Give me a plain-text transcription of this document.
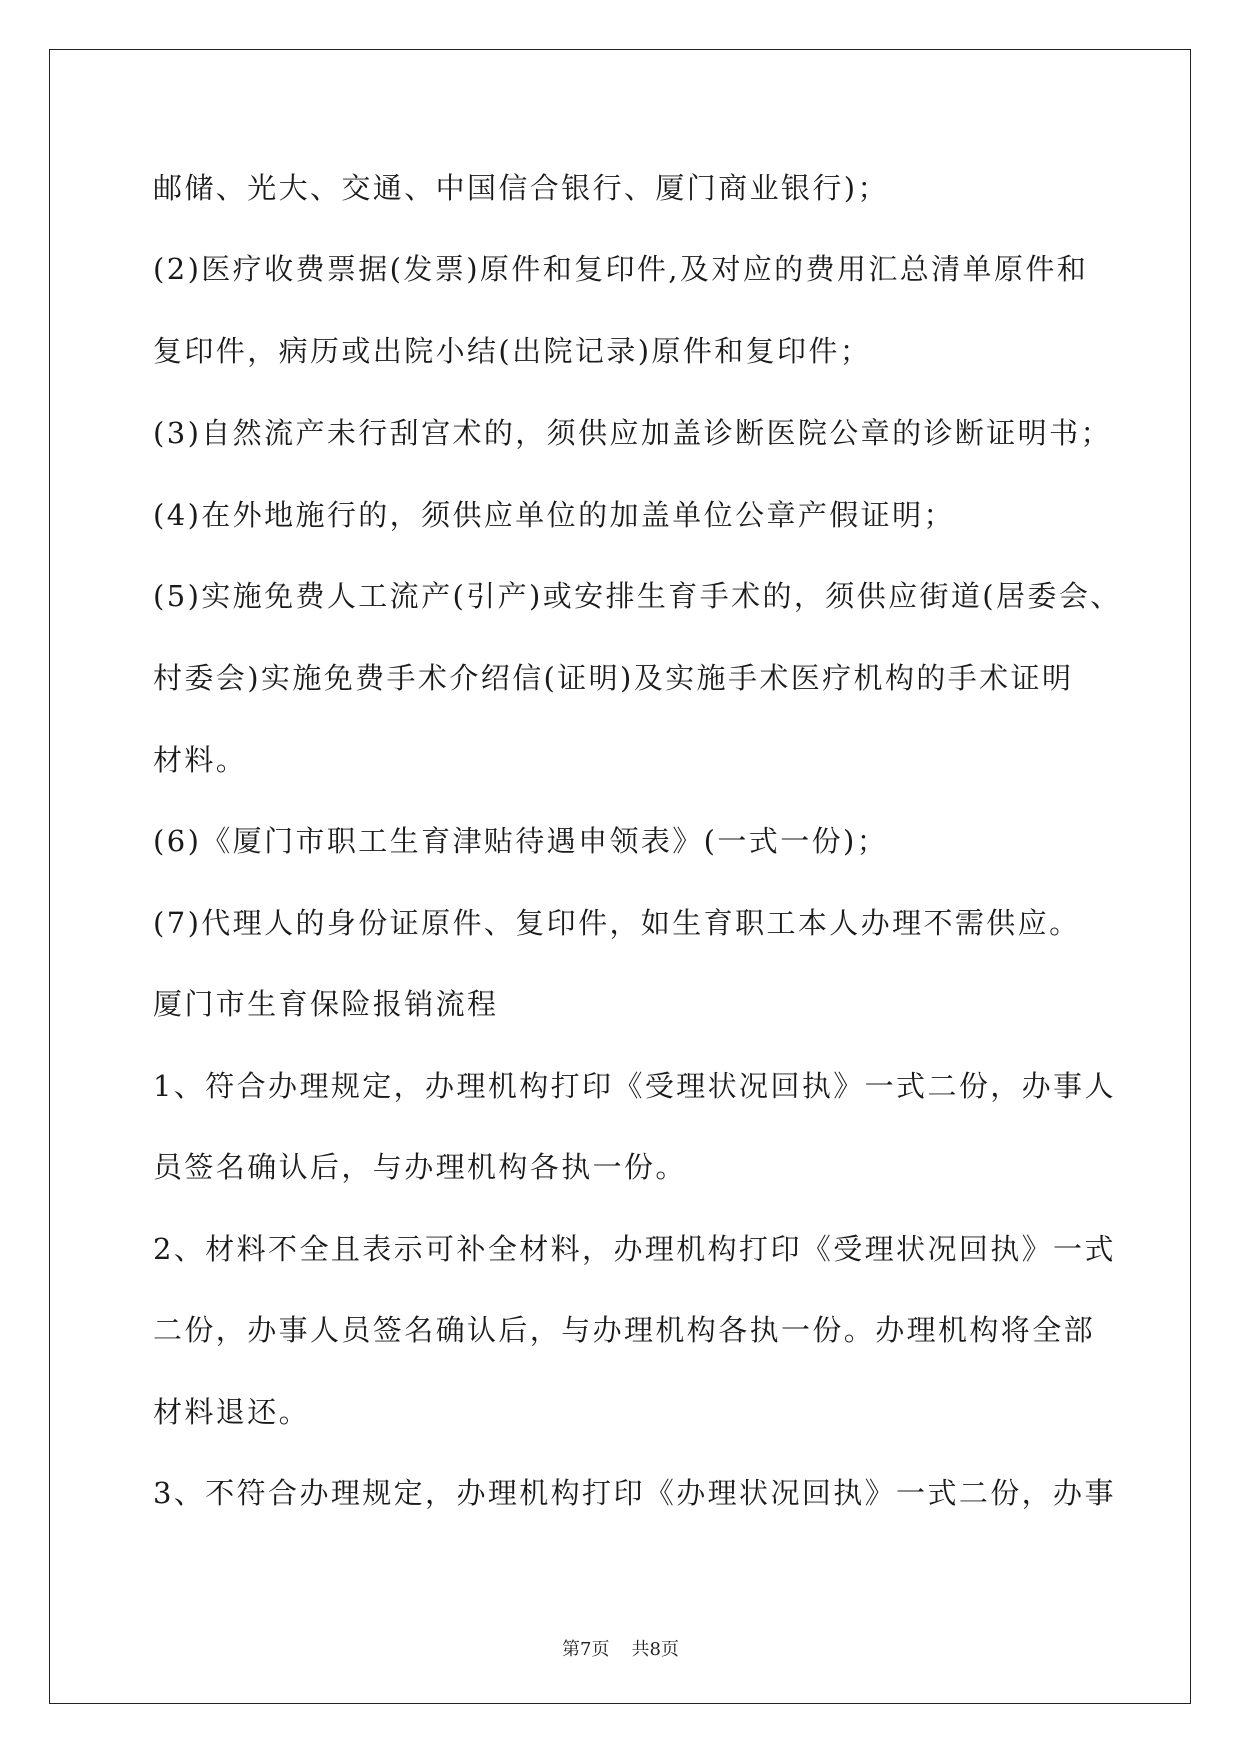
邮储、光大、交通、中国信合银行、厦门商业银行)；
(2)医疗收费票据(发票)原件和复印件,及对应的费用汇总清单原件和
复印件，病历或出院小结(出院记录)原件和复印件；
(3)自然流产未行刮宫术的，须供应加盖诊断医院公章的诊断证明书；
(4)在外地施行的，须供应单位的加盖单位公章产假证明；
(5)实施免费人工流产(引产)或安排生育手术的，须供应街道(居委会、
村委会)实施免费手术介绍信(证明)及实施手术医疗机构的手术证明
材料。
(6)《厦门市职工生育津贴待遇申领表》(一式一份)；
(7)代理人的身份证原件、复印件，如生育职工本人办理不需供应。
厦门市生育保险报销流程
1、符合办理规定，办理机构打印《受理状况回执》一式二份，办事人
员签名确认后，与办理机构各执一份。
2、材料不全且表示可补全材料，办理机构打印《受理状况回执》一式
二份，办事人员签名确认后，与办理机构各执一份。办理机构将全部
材料退还。
3、不符合办理规定，办理机构打印《办理状况回执》一式二份，办事
第7页 共8页
